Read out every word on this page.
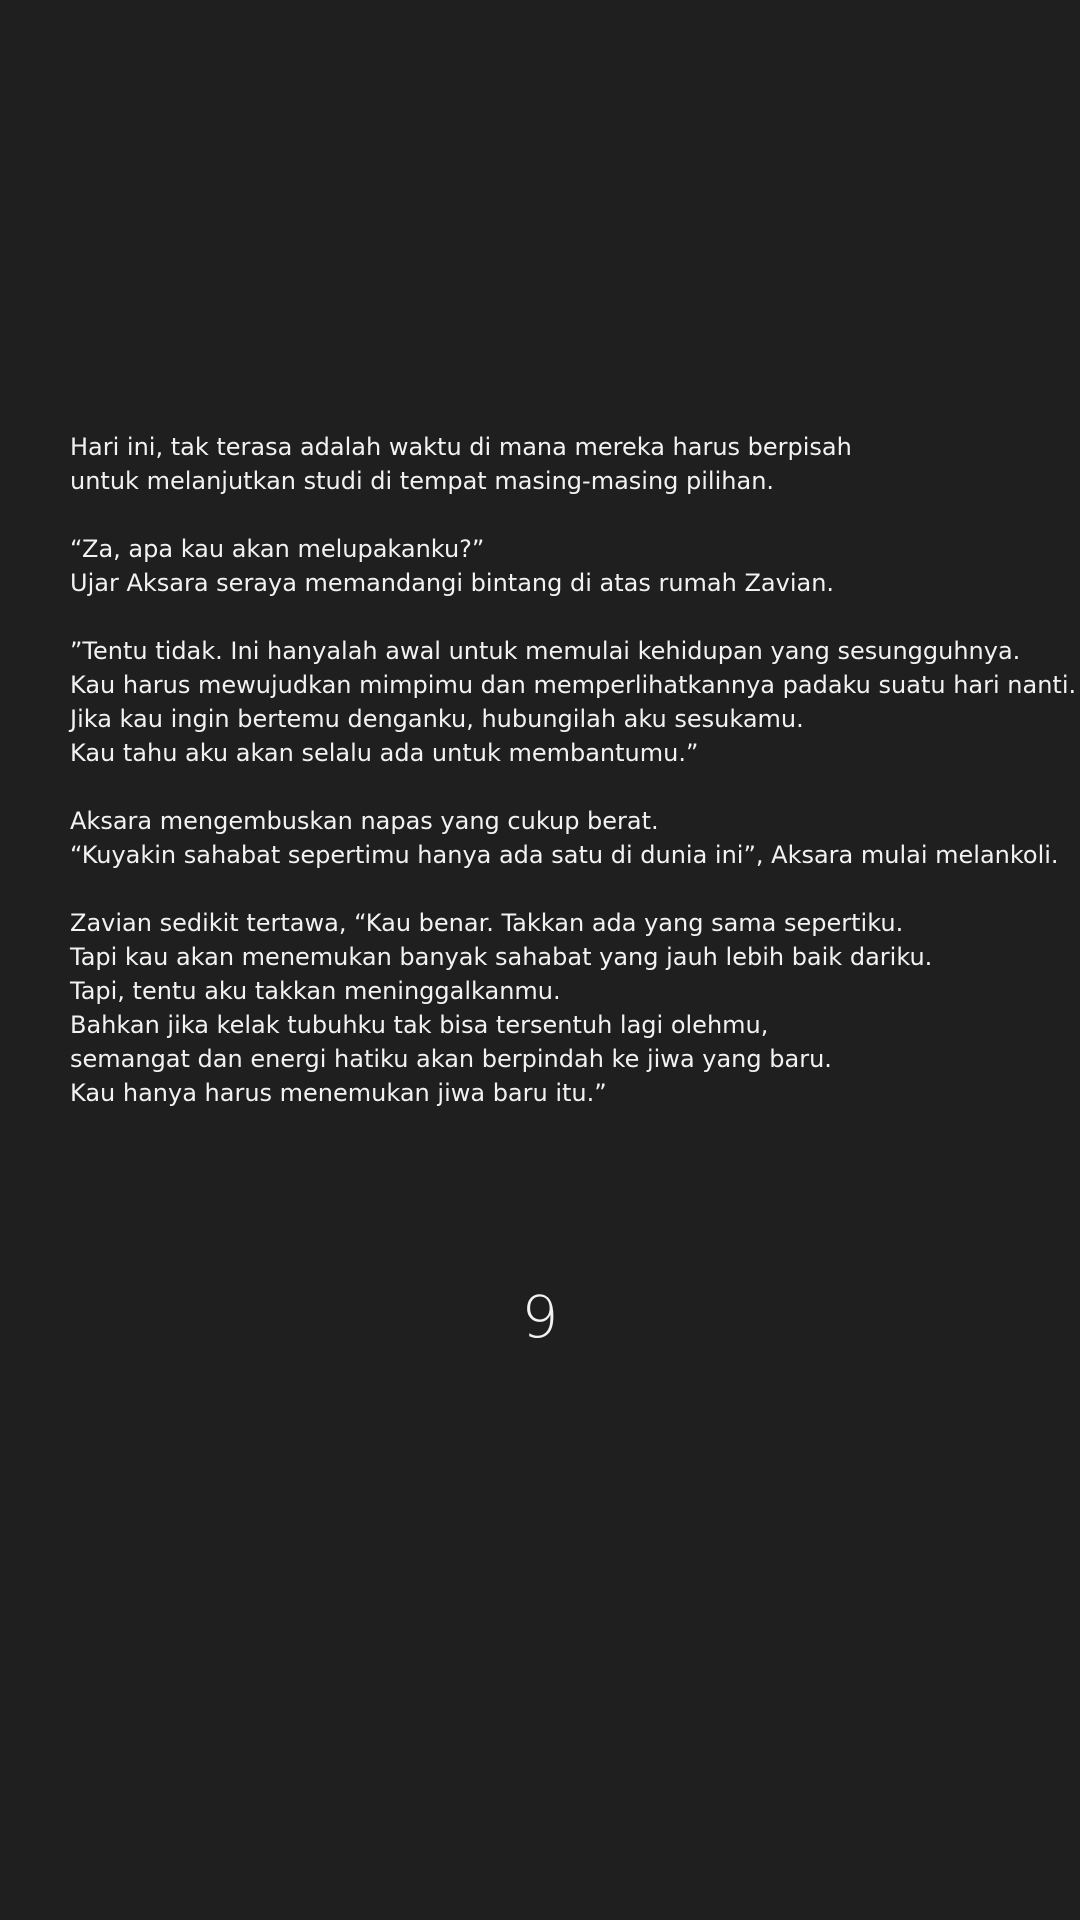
Hari ini, tak terasa adalah waktu di mana mereka harus berpisah
untuk melanjutkan studi di tempat masing-masing pilihan.

“Za, apa kau akan melupakanku?”
Ujar Aksara seraya memandangi bintang di atas rumah Zavian.

”Tentu tidak. Ini hanyalah awal untuk memulai kehidupan yang sesungguhnya.
Kau harus mewujudkan mimpimu dan memperlihatkannya padaku suatu hari nanti.
Jika kau ingin bertemu denganku, hubungilah aku sesukamu.
Kau tahu aku akan selalu ada untuk membantumu.”

Aksara mengembuskan napas yang cukup berat.
“Kuyakin sahabat sepertimu hanya ada satu di dunia ini”, Aksara mulai melankoli.

Zavian sedikit tertawa, “Kau benar. Takkan ada yang sama sepertiku.
Tapi kau akan menemukan banyak sahabat yang jauh lebih baik dariku.
Tapi, tentu aku takkan meninggalkanmu.
Bahkan jika kelak tubuhku tak bisa tersentuh lagi olehmu,
semangat dan energi hatiku akan berpindah ke jiwa yang baru.
Kau hanya harus menemukan jiwa baru itu.”

9
